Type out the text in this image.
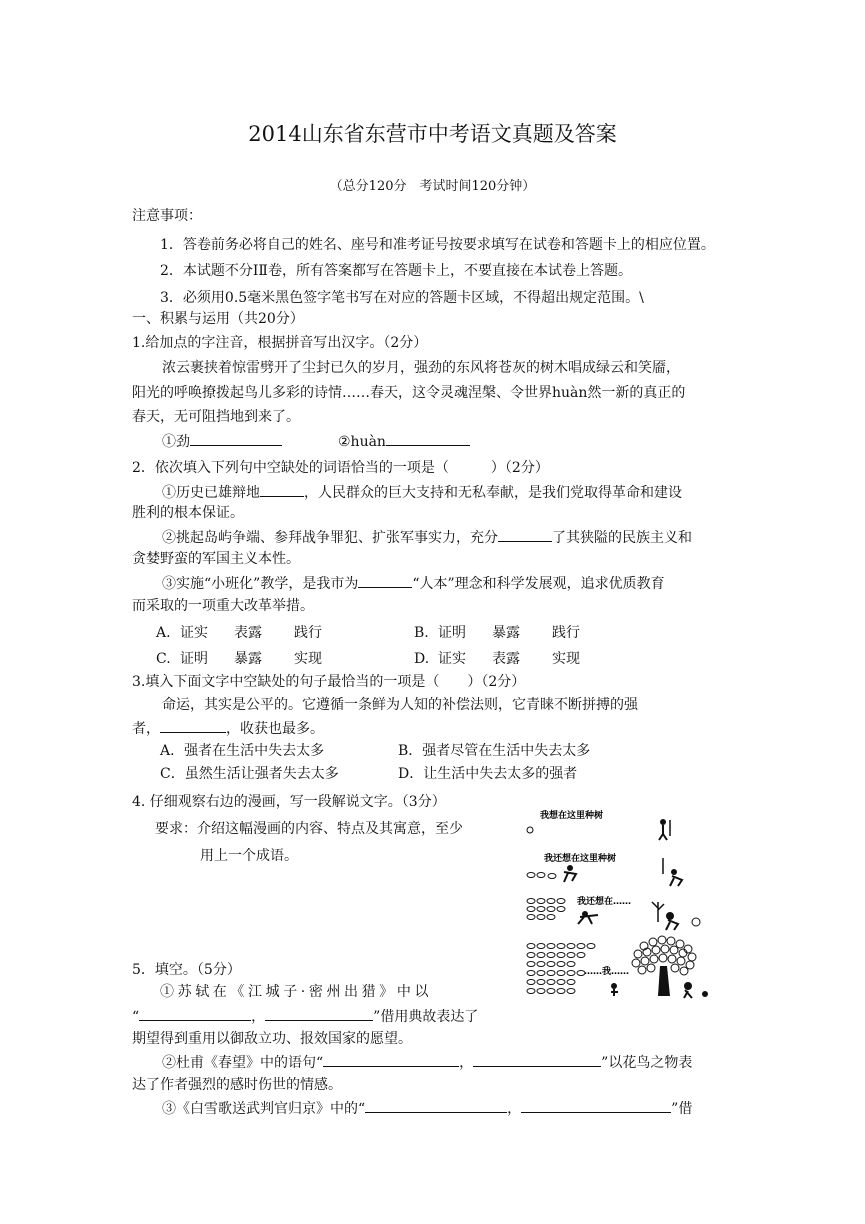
2014山东省东营市中考语文真题及答案
（总分120分　考试时间120分钟）
注意事项：
1．答卷前务必将自己的姓名、座号和准考证号按要求填写在试卷和答题卡上的相应位置。
2．本试题不分ⅠⅡ卷，所有答案都写在答题卡上，不要直接在本试卷上答题。
3．必须用0.5毫米黑色签字笔书写在对应的答题卡区域，不得超出规定范围。\
一、积累与运用（共20分）
1.给加点的字注音，根据拼音写出汉字。（2分）
浓云裹挟着惊雷劈开了尘封已久的岁月，强劲的东风将苍灰的树木唱成绿云和笑靥，
阳光的呼唤撩拨起鸟儿多彩的诗情……春天，这令灵魂涅槃、令世界huàn然一新的真正的
春天，无可阻挡地到来了。
①劲	②huàn
2．依次填入下列句中空缺处的词语恰当的一项是（　　　）（2分）
①历史已雄辩地	，人民群众的巨大支持和无私奉献，是我们党取得革命和建设
胜利的根本保证。
②挑起岛屿争端、参拜战争罪犯、扩张军事实力，充分	了其狭隘的民族主义和
贪婪野蛮的军国主义本性。
③实施“小班化”教学，是我市为	“人本”理念和科学发展观，追求优质教育
而采取的一项重大改革举措。
A. 证实 表露 践行	B. 证明 暴露 践行
C. 证明 暴露 实现	D. 证实 表露 实现
3.填入下面文字中空缺处的句子最恰当的一项是（　　）（2分）
命运，其实是公平的。它遵循一条鲜为人知的补偿法则，它青睐不断拼搏的强
者，	，收获也最多。
A．强者在生活中失去太多	B．强者尽管在生活中失去太多
C．虽然生活让强者失去太多	D．让生活中失去太多的强者
4. 仔细观察右边的漫画，写一段解说文字。（3分）
要求：介绍这幅漫画的内容、特点及其寓意，至少
用上一个成语。
我想在这里种树
我还想在这里种树
我还想在……
……我……
5．填空。（5分）
①苏轼在《江城子·密州出猎》中以
“	，	”借用典故表达了
期望得到重用以御敌立功、报效国家的愿望。
②杜甫《春望》中的语句“	，	”以花鸟之物表
达了作者强烈的感时伤世的情感。
③《白雪歌送武判官归京》中的“	，	”借
